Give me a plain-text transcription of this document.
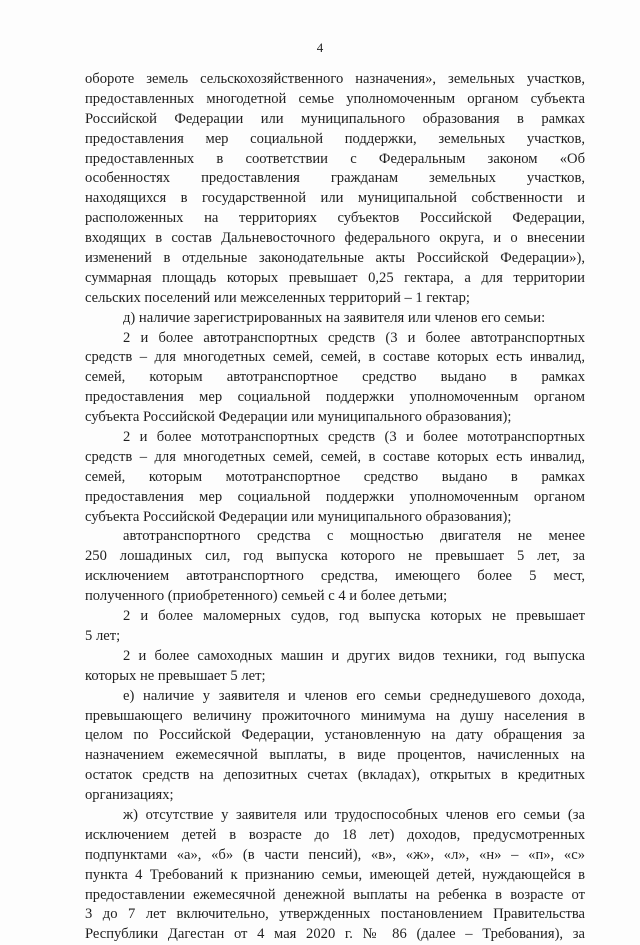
4
обороте земель сельскохозяйственного назначения», земельных участков,
предоставленных многодетной семье уполномоченным органом субъекта
Российской Федерации или муниципального образования в рамках
предоставления мер социальной поддержки, земельных участков,
предоставленных в соответствии с Федеральным законом «Об
особенностях предоставления гражданам земельных участков,
находящихся в государственной или муниципальной собственности и
расположенных на территориях субъектов Российской Федерации,
входящих в состав Дальневосточного федерального округа, и о внесении
изменений в отдельные законодательные акты Российской Федерации»),
суммарная площадь которых превышает 0,25 гектара, а для территории
сельских поселений или межселенных территорий – 1 гектар;
д) наличие зарегистрированных на заявителя или членов его семьи:
2 и более автотранспортных средств (3 и более автотранспортных
средств – для многодетных семей, семей, в составе которых есть инвалид,
семей, которым автотранспортное средство выдано в рамках
предоставления мер социальной поддержки уполномоченным органом
субъекта Российской Федерации или муниципального образования);
2 и более мототранспортных средств (3 и более мототранспортных
средств – для многодетных семей, семей, в составе которых есть инвалид,
семей, которым мототранспортное средство выдано в рамках
предоставления мер социальной поддержки уполномоченным органом
субъекта Российской Федерации или муниципального образования);
автотранспортного средства с мощностью двигателя не менее
250 лошадиных сил, год выпуска которого не превышает 5 лет, за
исключением автотранспортного средства, имеющего более 5 мест,
полученного (приобретенного) семьей с 4 и более детьми;
2 и более маломерных судов, год выпуска которых не превышает
5 лет;
2 и более самоходных машин и других видов техники, год выпуска
которых не превышает 5 лет;
е) наличие у заявителя и членов его семьи среднедушевого дохода,
превышающего величину прожиточного минимума на душу населения в
целом по Российской Федерации, установленную на дату обращения за
назначением ежемесячной выплаты, в виде процентов, начисленных на
остаток средств на депозитных счетах (вкладах), открытых в кредитных
организациях;
ж) отсутствие у заявителя или трудоспособных членов его семьи (за
исключением детей в возрасте до 18 лет) доходов, предусмотренных
подпунктами «а», «б» (в части пенсий), «в», «ж», «л», «н» – «п», «с»
пункта 4 Требований к признанию семьи, имеющей детей, нуждающейся в
предоставлении ежемесячной денежной выплаты на ребенка в возрасте от
3 до 7 лет включительно, утвержденных постановлением Правительства
Республики Дагестан от 4 мая 2020 г. № 86 (далее – Требования), за
